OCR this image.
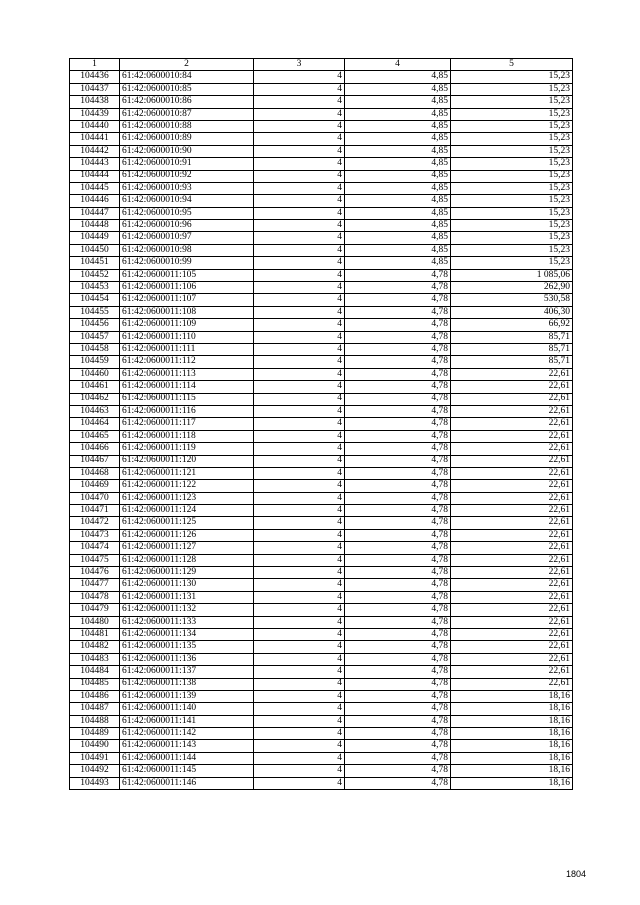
1	2	3	4	5
104436	61:42:0600010:84	4	4,85	15,23
104437	61:42:0600010:85	4	4,85	15,23
104438	61:42:0600010:86	4	4,85	15,23
104439	61:42:0600010:87	4	4,85	15,23
104440	61:42:0600010:88	4	4,85	15,23
104441	61:42:0600010:89	4	4,85	15,23
104442	61:42:0600010:90	4	4,85	15,23
104443	61:42:0600010:91	4	4,85	15,23
104444	61:42:0600010:92	4	4,85	15,23
104445	61:42:0600010:93	4	4,85	15,23
104446	61:42:0600010:94	4	4,85	15,23
104447	61:42:0600010:95	4	4,85	15,23
104448	61:42:0600010:96	4	4,85	15,23
104449	61:42:0600010:97	4	4,85	15,23
104450	61:42:0600010:98	4	4,85	15,23
104451	61:42:0600010:99	4	4,85	15,23
104452	61:42:0600011:105	4	4,78	1 085,06
104453	61:42:0600011:106	4	4,78	262,90
104454	61:42:0600011:107	4	4,78	530,58
104455	61:42:0600011:108	4	4,78	406,30
104456	61:42:0600011:109	4	4,78	66,92
104457	61:42:0600011:110	4	4,78	85,71
104458	61:42:0600011:111	4	4,78	85,71
104459	61:42:0600011:112	4	4,78	85,71
104460	61:42:0600011:113	4	4,78	22,61
104461	61:42:0600011:114	4	4,78	22,61
104462	61:42:0600011:115	4	4,78	22,61
104463	61:42:0600011:116	4	4,78	22,61
104464	61:42:0600011:117	4	4,78	22,61
104465	61:42:0600011:118	4	4,78	22,61
104466	61:42:0600011:119	4	4,78	22,61
104467	61:42:0600011:120	4	4,78	22,61
104468	61:42:0600011:121	4	4,78	22,61
104469	61:42:0600011:122	4	4,78	22,61
104470	61:42:0600011:123	4	4,78	22,61
104471	61:42:0600011:124	4	4,78	22,61
104472	61:42:0600011:125	4	4,78	22,61
104473	61:42:0600011:126	4	4,78	22,61
104474	61:42:0600011:127	4	4,78	22,61
104475	61:42:0600011:128	4	4,78	22,61
104476	61:42:0600011:129	4	4,78	22,61
104477	61:42:0600011:130	4	4,78	22,61
104478	61:42:0600011:131	4	4,78	22,61
104479	61:42:0600011:132	4	4,78	22,61
104480	61:42:0600011:133	4	4,78	22,61
104481	61:42:0600011:134	4	4,78	22,61
104482	61:42:0600011:135	4	4,78	22,61
104483	61:42:0600011:136	4	4,78	22,61
104484	61:42:0600011:137	4	4,78	22,61
104485	61:42:0600011:138	4	4,78	22,61
104486	61:42:0600011:139	4	4,78	18,16
104487	61:42:0600011:140	4	4,78	18,16
104488	61:42:0600011:141	4	4,78	18,16
104489	61:42:0600011:142	4	4,78	18,16
104490	61:42:0600011:143	4	4,78	18,16
104491	61:42:0600011:144	4	4,78	18,16
104492	61:42:0600011:145	4	4,78	18,16
104493	61:42:0600011:146	4	4,78	18,16
1804
